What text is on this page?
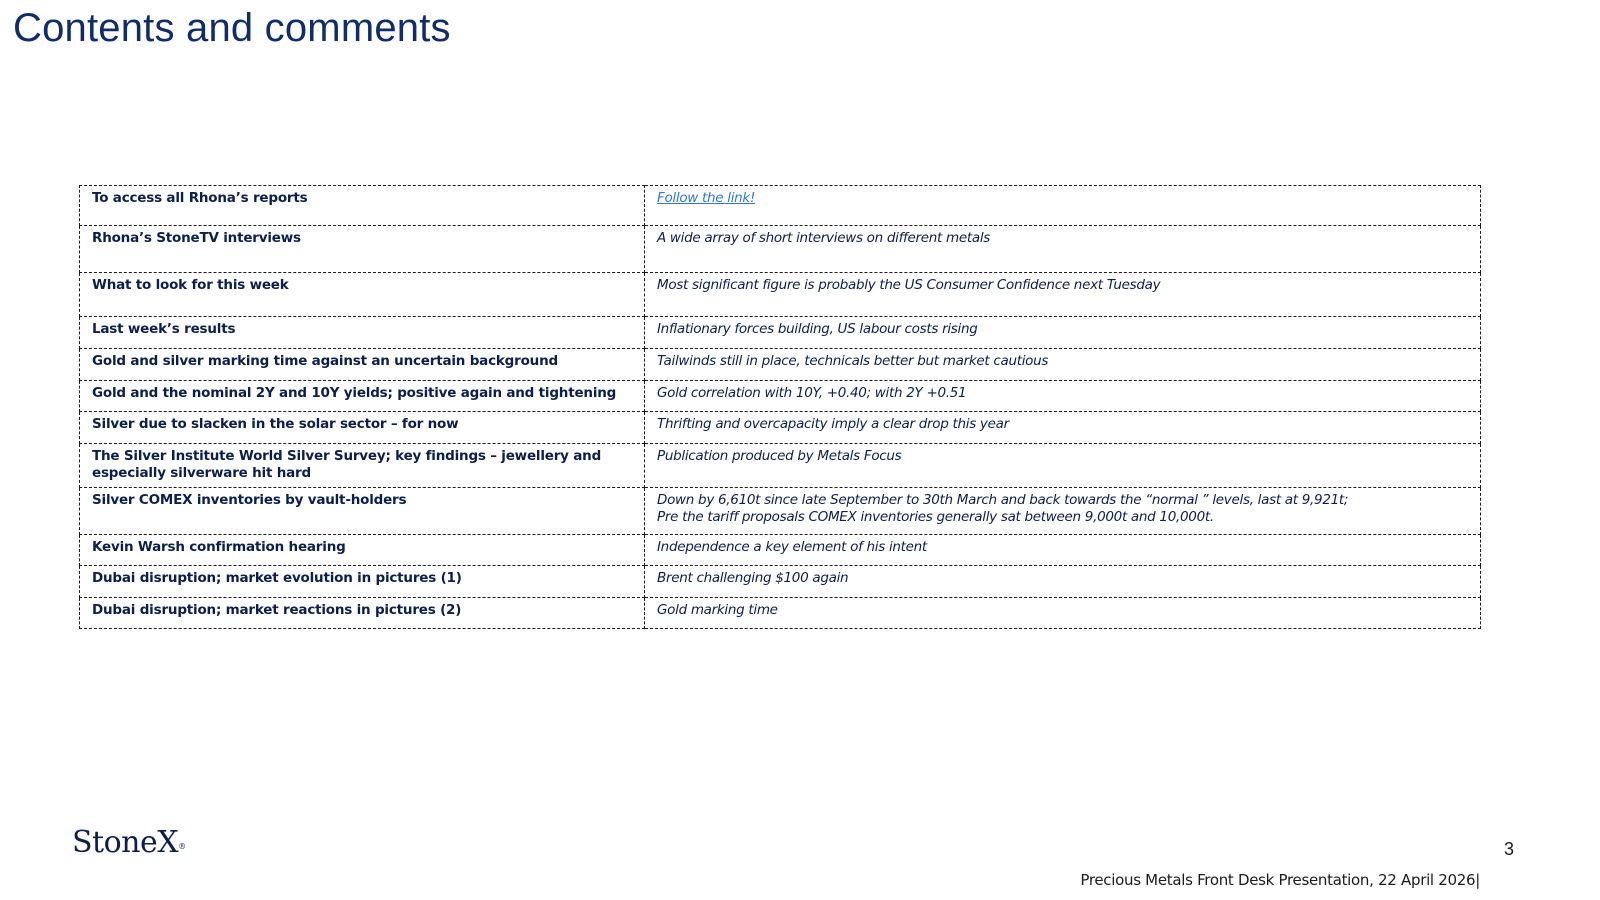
Contents and comments
To access all Rhona’s reports	Follow the link!

Rhona’s StoneTV interviews	A wide array of short interviews on different metals

What to look for this week	Most significant figure is probably the US Consumer Confidence next Tuesday

Last week’s results	Inflationary forces building, US labour costs rising

Gold and silver marking time against an uncertain background	Tailwinds still in place, technicals better but market cautious

Gold and the nominal 2Y and 10Y yields; positive again and tightening	Gold correlation with 10Y, +0.40; with 2Y +0.51

Silver due to slacken in the solar sector – for now	Thrifting and overcapacity imply a clear drop this year

The Silver Institute World Silver Survey; key findings – jewellery and especially silverware hit hard	Publication produced by Metals Focus

Silver COMEX inventories by vault-holders	Down by 6,610t since late September to 30th March and back towards the “normal ” levels, last at 9,921t;
Pre the tariff proposals COMEX inventories generally sat between 9,000t and 10,000t.

Kevin Warsh confirmation hearing	Independence a key element of his intent

Dubai disruption; market evolution in pictures (1)	Brent challenging $100 again

Dubai disruption; market reactions in pictures (2)	Gold marking time
StoneX®	3
Precious Metals Front Desk Presentation, 22 April 2026|
